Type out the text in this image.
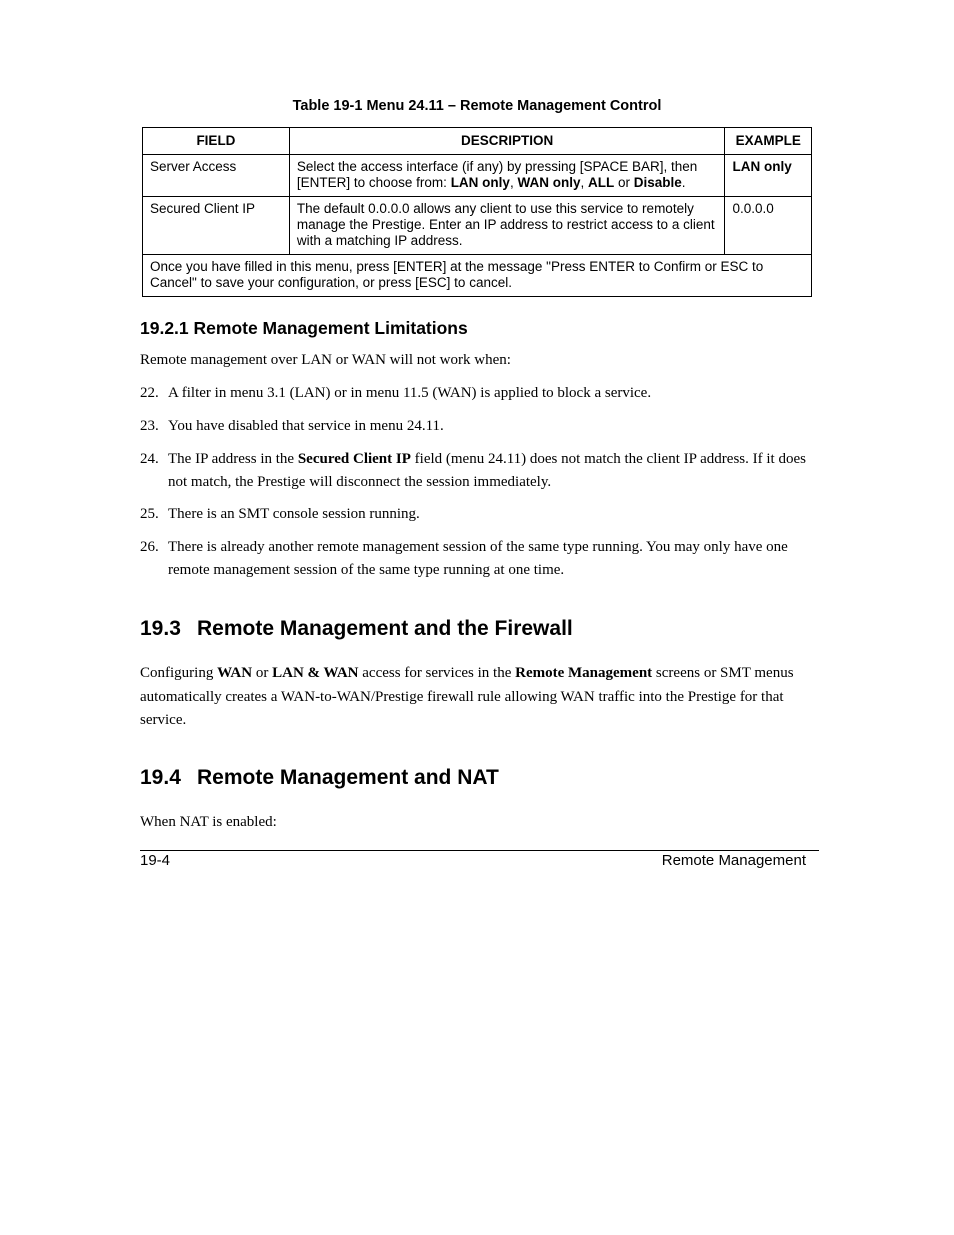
Table 19-1 Menu 24.11 – Remote Management Control
FIELD	DESCRIPTION	EXAMPLE
Server Access	Select the access interface (if any) by pressing [SPACE BAR], then [ENTER] to choose from: LAN only, WAN only, ALL or Disable.	LAN only
Secured Client IP	The default 0.0.0.0 allows any client to use this service to remotely manage the Prestige. Enter an IP address to restrict access to a client with a matching IP address.	0.0.0.0
Once you have filled in this menu, press [ENTER] at the message "Press ENTER to Confirm or ESC to Cancel" to save your configuration, or press [ESC] to cancel.		
19.2.1 Remote Management Limitations
Remote management over LAN or WAN will not work when:
22. A filter in menu 3.1 (LAN) or in menu 11.5 (WAN) is applied to block a service.
23. You have disabled that service in menu 24.11.
24. The IP address in the Secured Client IP field (menu 24.11) does not match the client IP address. If it does not match, the Prestige will disconnect the session immediately.
25. There is an SMT console session running.
26. There is already another remote management session of the same type running. You may only have one remote management session of the same type running at one time.
19.3 Remote Management and the Firewall
Configuring WAN or LAN & WAN access for services in the Remote Management screens or SMT menus automatically creates a WAN-to-WAN/Prestige firewall rule allowing WAN traffic into the Prestige for that service.
19.4 Remote Management and NAT
When NAT is enabled:
19-4	Remote Management
